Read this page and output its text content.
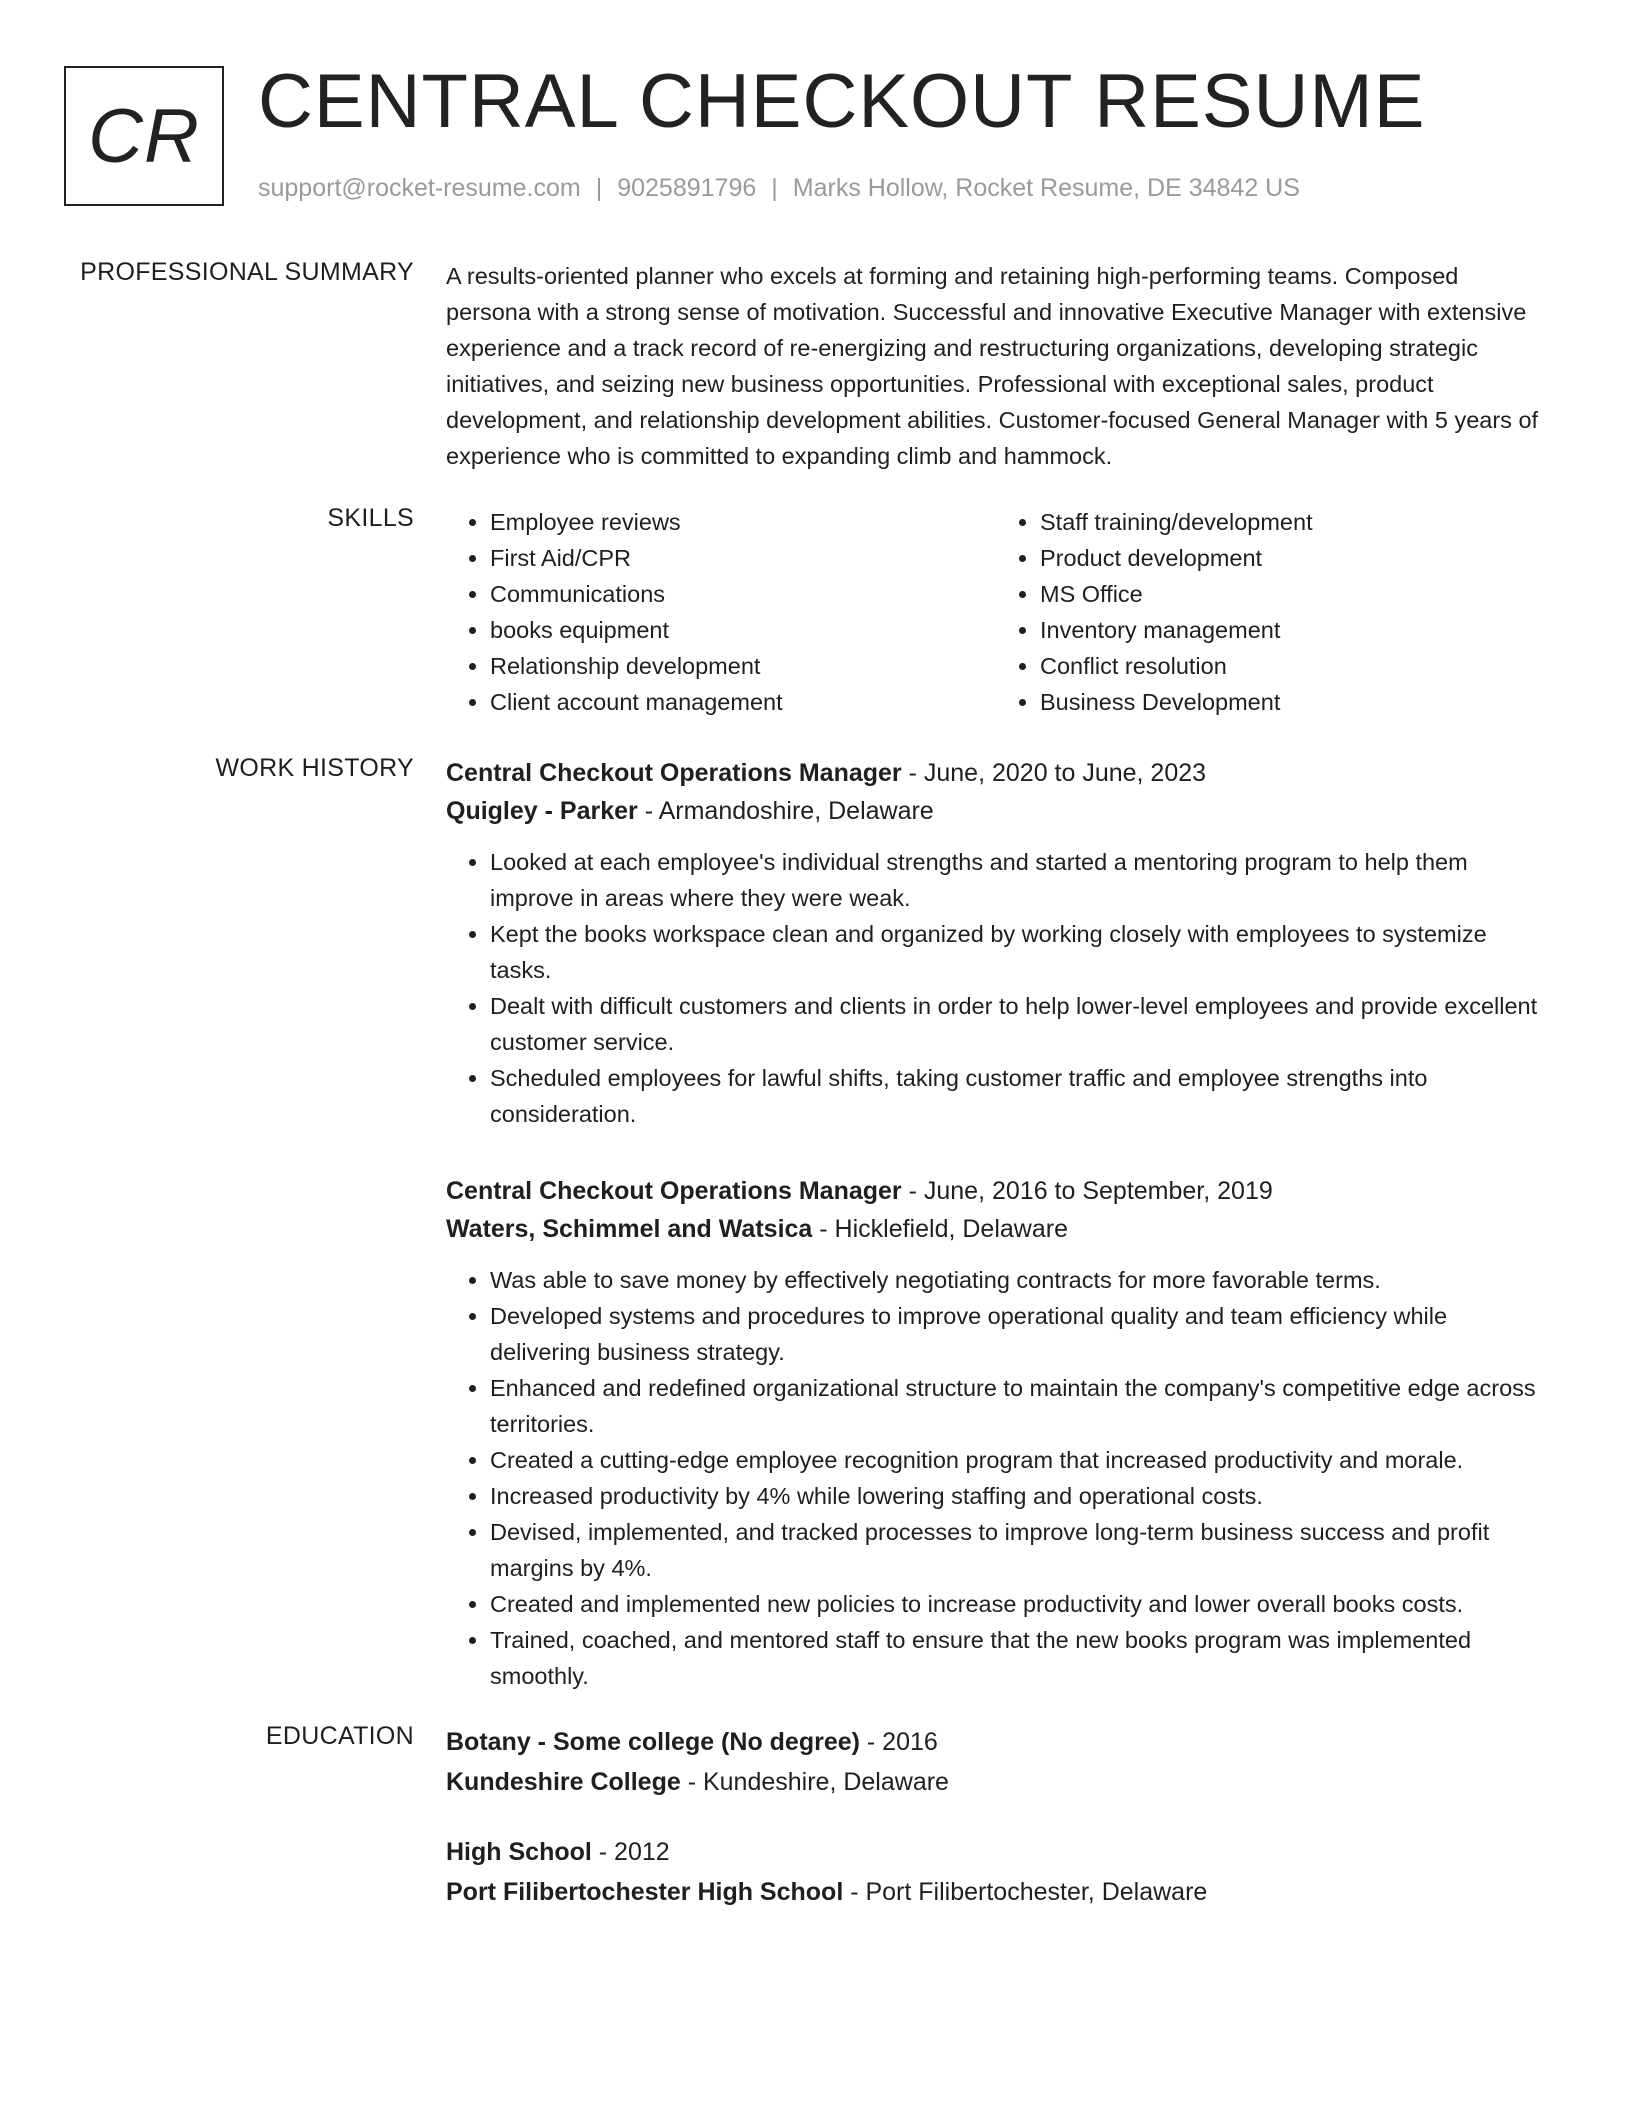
CR CENTRAL CHECKOUT RESUME
support@rocket-resume.com | 9025891796 | Marks Hollow, Rocket Resume, DE 34842 US
PROFESSIONAL SUMMARY A results-oriented planner who excels at forming and retaining high-performing teams. Composed persona with a strong sense of motivation. Successful and innovative Executive Manager with extensive experience and a track record of re-energizing and restructuring organizations, developing strategic initiatives, and seizing new business opportunities. Professional with exceptional sales, product development, and relationship development abilities. Customer-focused General Manager with 5 years of experience who is committed to expanding climb and hammock.

SKILLS
•	Employee reviews
• First Aid/CPR
• Communications
• books equipment
• Relationship development
• Client account management
• Staff training/development
• Product development
• MS Office
• Inventory management
• Conflict resolution
• Business Development
WORK HISTORY Central Checkout Operations Manager - June, 2020 to June, 2023
Quigley - Parker - Armandoshire, Delaware
• Looked at each employee's individual strengths and started a mentoring program to help them improve in areas where they were weak.
• Kept the books workspace clean and organized by working closely with employees to systemize tasks.
• Dealt with difficult customers and clients in order to help lower-level employees and provide excellent customer service.
• Scheduled employees for lawful shifts, taking customer traffic and employee strengths into consideration.
Central Checkout Operations Manager - June, 2016 to September, 2019
Waters, Schimmel and Watsica - Hicklefield, Delaware
• Was able to save money by effectively negotiating contracts for more favorable terms.
• Developed systems and procedures to improve operational quality and team efficiency while delivering business strategy.
• Enhanced and redefined organizational structure to maintain the company's competitive edge across territories.
• Created a cutting-edge employee recognition program that increased productivity and morale.
• Increased productivity by 4% while lowering staffing and operational costs.
• Devised, implemented, and tracked processes to improve long-term business success and profit margins by 4%.
• Created and implemented new policies to increase productivity and lower overall books costs.
• Trained, coached, and mentored staff to ensure that the new books program was implemented smoothly.
EDUCATION Botany - Some college (No degree) - 2016
Kundeshire College - Kundeshire, Delaware
High School - 2012
Port Filibertochester High School - Port Filibertochester, Delaware
